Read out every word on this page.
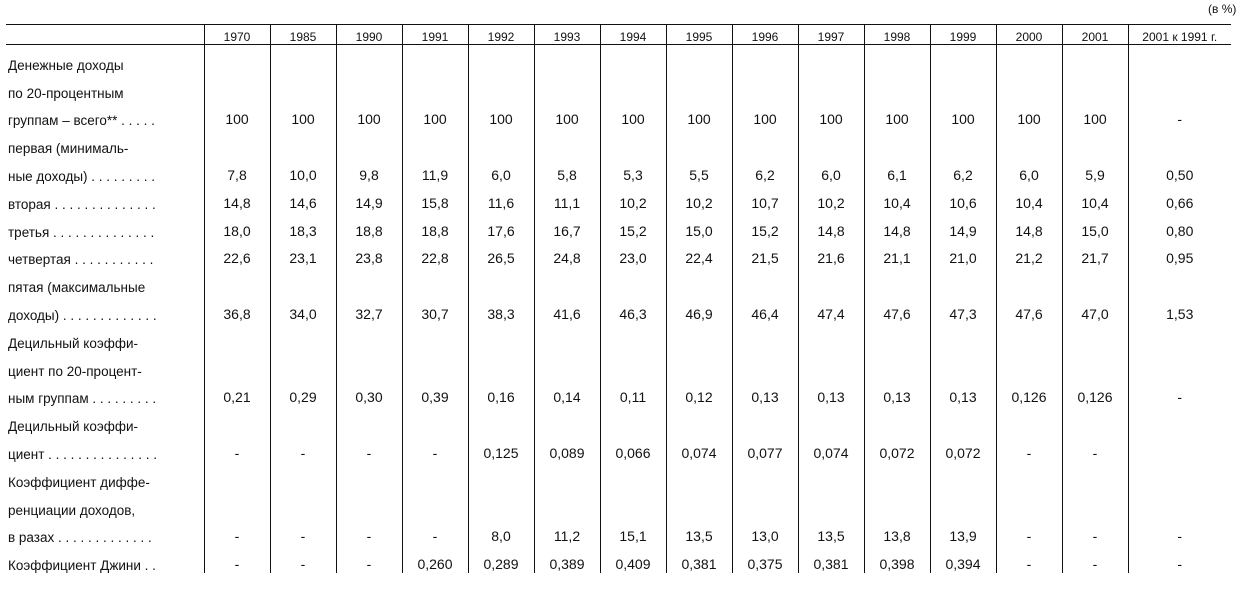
(в %)
	1970	1985	1990	1991	1992	1993	1994	1995	1996	1997	1998	1999	2000	2001	2001 к 1991 г.
Денежные доходы															
по 20-процентным															
группам – всего** . . . . .	100	100	100	100	100	100	100	100	100	100	100	100	100	100	-
первая (минималь-															
ные доходы) . . . . . . . . .	7,8	10,0	9,8	11,9	6,0	5,8	5,3	5,5	6,2	6,0	6,1	6,2	6,0	5,9	0,50
вторая . . . . . . . . . . . . . .	14,8	14,6	14,9	15,8	11,6	11,1	10,2	10,2	10,7	10,2	10,4	10,6	10,4	10,4	0,66
третья . . . . . . . . . . . . . .	18,0	18,3	18,8	18,8	17,6	16,7	15,2	15,0	15,2	14,8	14,8	14,9	14,8	15,0	0,80
четвертая . . . . . . . . . . .	22,6	23,1	23,8	22,8	26,5	24,8	23,0	22,4	21,5	21,6	21,1	21,0	21,2	21,7	0,95
пятая (максимальные															
доходы) . . . . . . . . . . . . .	36,8	34,0	32,7	30,7	38,3	41,6	46,3	46,9	46,4	47,4	47,6	47,3	47,6	47,0	1,53
Децильный коэффи-															
циент по 20-процент-															
ным группам . . . . . . . . .	0,21	0,29	0,30	0,39	0,16	0,14	0,11	0,12	0,13	0,13	0,13	0,13	0,126	0,126	-
Децильный коэффи-															
циент . . . . . . . . . . . . . . .	-	-	-	-	0,125	0,089	0,066	0,074	0,077	0,074	0,072	0,072	-	-	
Коэффициент диффе-															
ренциации доходов,															
в разах . . . . . . . . . . . . .	-	-	-	-	8,0	11,2	15,1	13,5	13,0	13,5	13,8	13,9	-	-	-
Коэффициент Джини . .	-	-	-	0,260	0,289	0,389	0,409	0,381	0,375	0,381	0,398	0,394	-	-	-
